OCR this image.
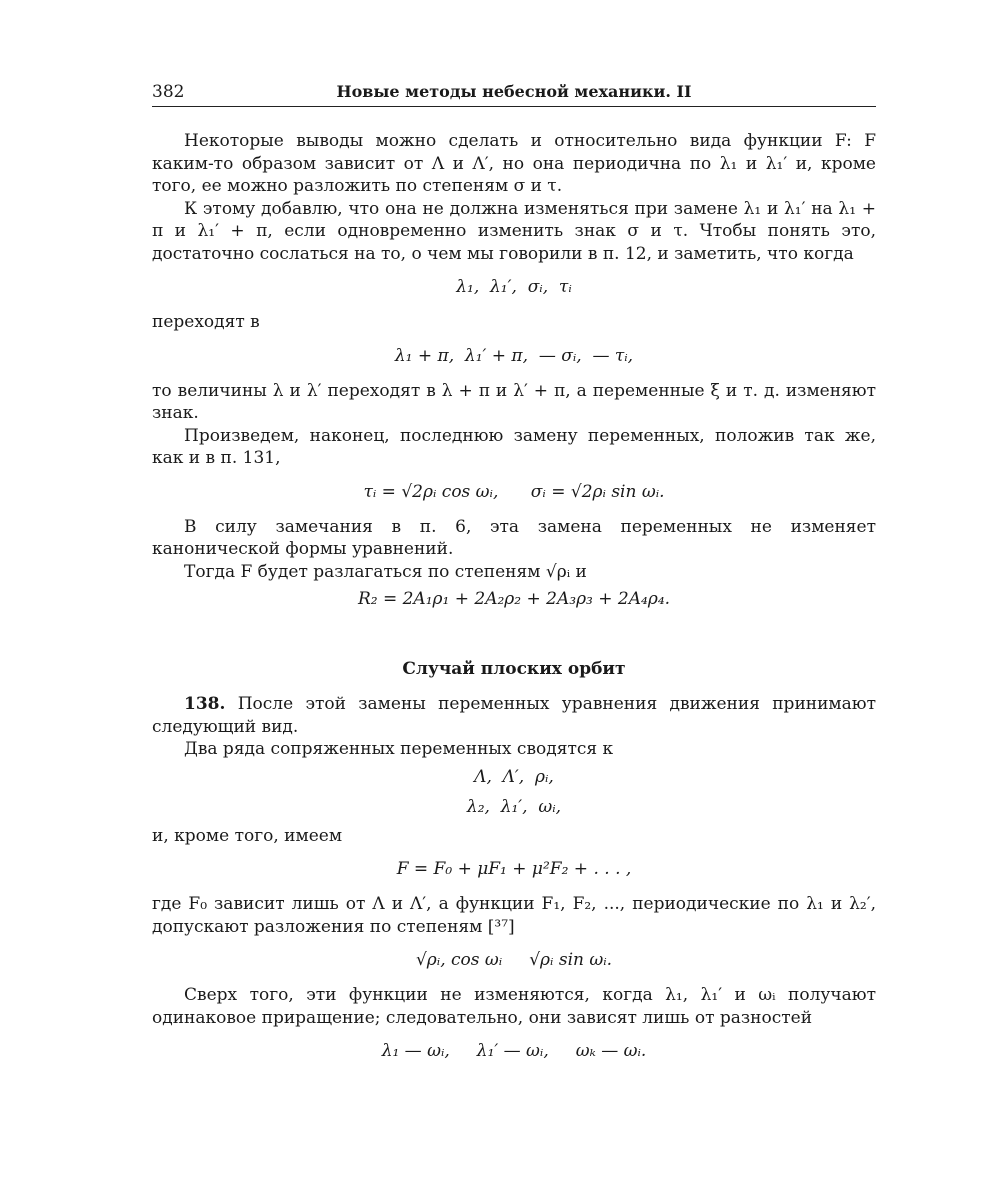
382	Новые методы небесной механики. II

Некоторые выводы можно сделать и относительно вида функции F: F каким-то образом зависит от Λ и Λ′, но она периодична по λ₁ и λ₁′ и, кроме того, ее можно разложить по степеням σ и τ.

К этому добавлю, что она не должна изменяться при замене λ₁ и λ₁′ на λ₁ + π и λ₁′ + π, если одновременно изменить знак σ и τ. Чтобы понять это, достаточно сослаться на то, о чем мы говорили в п. 12, и заметить, что когда

λ₁,  λ₁′,  σᵢ,  τᵢ

переходят в

λ₁ + π,  λ₁′ + π,  — σᵢ,  — τᵢ,

то величины λ и λ′ переходят в λ + π и λ′ + π, а переменные ξ и т. д. изменяют знак.

Произведем, наконец, последнюю замену переменных, положив так же, как и в п. 131,

τᵢ = √2ρᵢ cos ωᵢ,      σᵢ = √2ρᵢ sin ωᵢ.

В силу замечания в п. 6, эта замена переменных не изменяет канонической формы уравнений.

Тогда F будет разлагаться по степеням √ρᵢ и

R₂ = 2A₁ρ₁ + 2A₂ρ₂ + 2A₃ρ₃ + 2A₄ρ₄.
Случай плоских орбит

138. После этой замены переменных уравнения движения принимают следующий вид.

Два ряда сопряженных переменных сводятся к

Λ,  Λ′,  ρᵢ,
λ₂,  λ₁′,  ωᵢ,

и, кроме того, имеем

F = F₀ + μF₁ + μ²F₂ + . . . ,

где F₀ зависит лишь от Λ и Λ′, а функции F₁, F₂, ..., периодические по λ₁ и λ₂′, допускают разложения по степеням [³⁷]

√ρᵢ, cos ωᵢ     √ρᵢ sin ωᵢ.

Сверх того, эти функции не изменяются, когда λ₁, λ₁′ и ωᵢ получают одинаковое приращение; следовательно, они зависят лишь от разностей

λ₁ — ωᵢ,     λ₁′ — ωᵢ,     ωₖ — ωᵢ.
